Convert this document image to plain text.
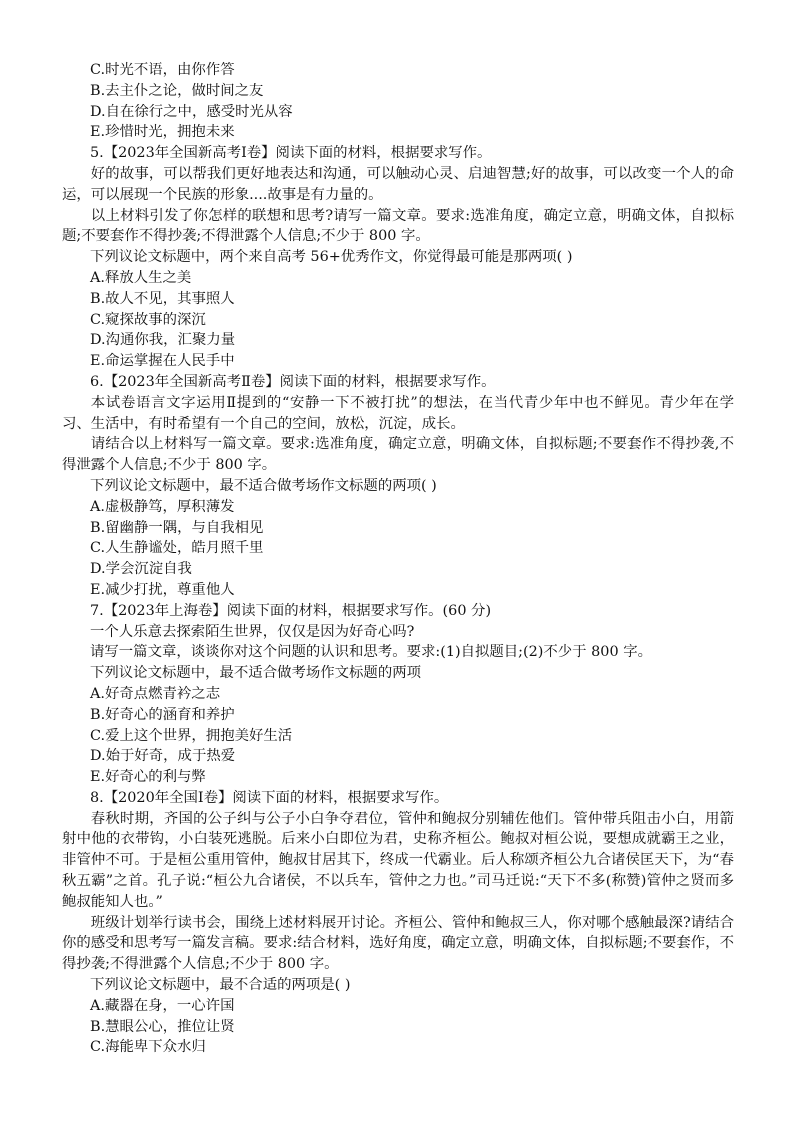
C.时光不语，由你作答
B.去主仆之论，做时间之友
D.自在徐行之中，感受时光从容
E.珍惜时光，拥抱未来
5.【2023年全国新高考Ⅰ卷】阅读下面的材料，根据要求写作。
好的故事，可以帮我们更好地表达和沟通，可以触动心灵、启迪智慧;好的故事，可以改变一个人的命运，可以展现一个民族的形象....故事是有力量的。
以上材料引发了你怎样的联想和思考?请写一篇文章。要求:选准角度，确定立意，明确文体，自拟标题;不要套作不得抄袭;不得泄露个人信息;不少于 800 字。
下列议论文标题中，两个来自高考 56+优秀作文，你觉得最可能是那两项( )
A.释放人生之美
B.故人不见，其事照人
C.窥探故事的深沉
D.沟通你我，汇聚力量
E.命运掌握在人民手中
6.【2023年全国新高考Ⅱ卷】阅读下面的材料，根据要求写作。
本试卷语言文字运用Ⅱ提到的“安静一下不被打扰”的想法，在当代青少年中也不鲜见。青少年在学习、生活中，有时希望有一个自己的空间，放松，沉淀，成长。
请结合以上材料写一篇文章。要求:选准角度，确定立意，明确文体，自拟标题;不要套作不得抄袭,不得泄露个人信息;不少于 800 字。
下列议论文标题中，最不适合做考场作文标题的两项( )
A.虚极静笃，厚积薄发
B.留幽静一隅，与自我相见
C.人生静谧处，皓月照千里
D.学会沉淀自我
E.减少打扰，尊重他人
7.【2023年上海卷】阅读下面的材料，根据要求写作。(60 分)
一个人乐意去探索陌生世界，仅仅是因为好奇心吗?
请写一篇文章，谈谈你对这个问题的认识和思考。要求:(1)自拟题目;(2)不少于 800 字。
下列议论文标题中，最不适合做考场作文标题的两项
A.好奇点燃青衿之志
B.好奇心的涵育和养护
C.爱上这个世界，拥抱美好生活
D.始于好奇，成于热爱
E.好奇心的利与弊
8.【2020年全国Ⅰ卷】阅读下面的材料，根据要求写作。
春秋时期，齐国的公子纠与公子小白争夺君位，管仲和鲍叔分别辅佐他们。管仲带兵阻击小白，用箭射中他的衣带钩，小白装死逃脱。后来小白即位为君，史称齐桓公。鲍叔对桓公说，要想成就霸王之业，非管仲不可。于是桓公重用管仲，鲍叔甘居其下，终成一代霸业。后人称颂齐桓公九合诸侯匡天下，为“春秋五霸”之首。孔子说:“桓公九合诸侯，不以兵车，管仲之力也。”司马迁说:“天下不多(称赞)管仲之贤而多鲍叔能知人也。”
班级计划举行读书会，围绕上述材料展开讨论。齐桓公、管仲和鲍叔三人，你对哪个感触最深?请结合你的感受和思考写一篇发言稿。要求:结合材料，选好角度，确定立意，明确文体，自拟标题;不要套作，不得抄袭;不得泄露个人信息;不少于 800 字。
下列议论文标题中，最不合适的两项是( )
A.藏器在身，一心许国
B.慧眼公心，推位让贤
C.海能卑下众水归
